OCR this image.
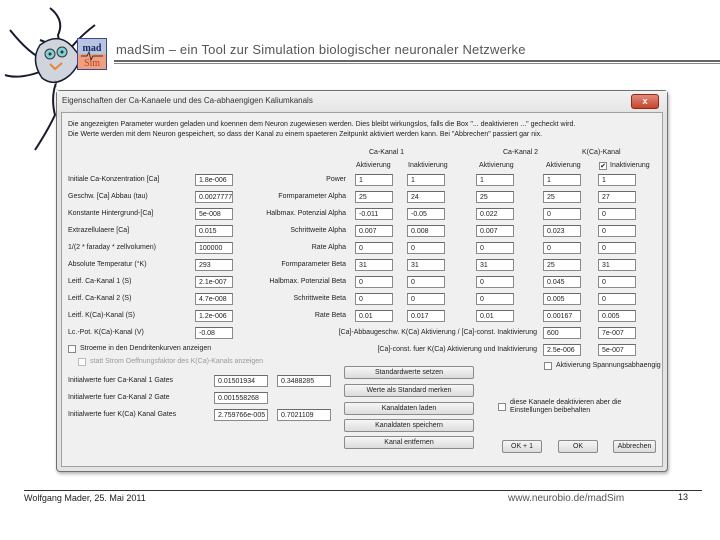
mad
Sim
madSim – ein Tool zur Simulation biologischer neuronaler Netzwerke
Eigenschaften der Ca-Kanaele und des Ca-abhaengigen Kaliumkanals	x
Die angezeigten Parameter wurden geladen und koennen dem Neuron zugewiesen werden. Dies bleibt wirkungslos, falls die Box "... deaktivieren ..." gecheckt wird.
Die Werte werden mit dem Neuron gespeichert, so dass der Kanal zu einem spaeteren Zeitpunkt aktiviert werden kann. Bei "Abbrechen" passiert gar nix.
Ca-Kanal 1	Ca-Kanal 2	K(Ca)-Kanal
Aktivierung Inaktivierung	Aktivierung	Aktivierung	✔ Inaktivierung
Initiale Ca-Konzentration [Ca]	1.8e-006
Geschw. [Ca] Abbau (tau)	0.0027777
Konstante Hintergrund-[Ca]	5e-008
Extrazellulaere [Ca]	0.015
1/(2 * faraday * zellvolumen)	100000
Absolute Temperatur (°K)	293
Leitf. Ca-Kanal 1 (S)	2.1e-007
Leitf. Ca-Kanal 2 (S)	4.7e-008
Leitf. K(Ca)-Kanal (S)	1.2e-006
Lc.-Pot. K(Ca)-Kanal (V)	-0.08
Power	1	1	1	1	1
Formparameter Alpha	25	24	25	25	27
Halbmax. Potenzial Alpha	-0.011	-0.05	0.022	0	0
Schrittweite Alpha	0.007	0.008	0.007	0.023	0
Rate Alpha	0	0	0	0	0
Formparameter Beta	31	31	31	25	31
Halbmax. Potenzial Beta	0	0	0	0.045	0
Schrittweite Beta	0	0	0	0.005	0
Rate Beta	0.01	0.017	0.01	0.00167	0.005
[Ca]-Abbaugeschw. K(Ca) Aktivierung / [Ca]-const. Inaktivierung	600	7e-007
[Ca]-const. fuer K(Ca) Aktivierung und Inaktivierung	2.5e-006	5e-007
Stroeme in den Dendritenkurven anzeigen
statt Strom Oeffnungsfaktor des K(Ca)-Kanals anzeigen
Aktivierung Spannungsabhaengig
Initialwerte fuer Ca-Kanal 1 Gates	0.01501934	0.3488285
Initialwerte fuer Ca-Kanal 2 Gate	0.001558268
Initialwerte fuer K(Ca) Kanal Gates	2.759766e-005	0.7021109
Standardwerte setzen
Werte als Standard merken
Kanaldaten laden
Kanaldaten speichern
Kanal entfernen
diese Kanaele deaktivieren aber die
Einstellungen beibehalten
OK + 1	OK	Abbrechen
Wolfgang Mader, 25. Mai 2011	www.neurobio.de/madSim	13
